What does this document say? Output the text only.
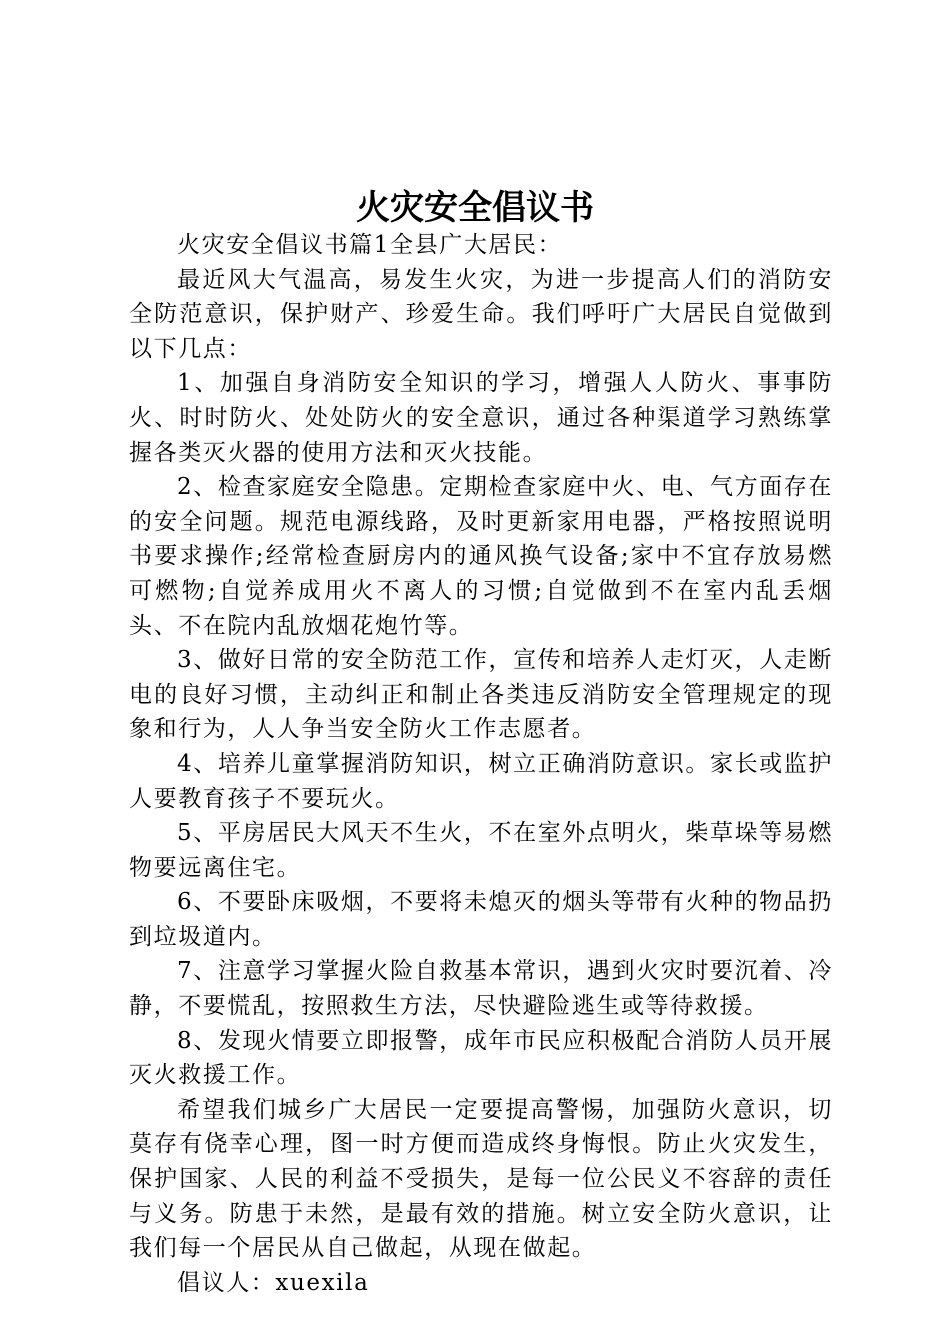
火灾安全倡议书

火灾安全倡议书篇1全县广大居民：

最近风大气温高，易发生火灾，为进一步提高人们的消防安全防范意识，保护财产、珍爱生命。我们呼吁广大居民自觉做到以下几点：

1、加强自身消防安全知识的学习，增强人人防火、事事防火、时时防火、处处防火的安全意识，通过各种渠道学习熟练掌握各类灭火器的使用方法和灭火技能。

2、检查家庭安全隐患。定期检查家庭中火、电、气方面存在的安全问题。规范电源线路，及时更新家用电器，严格按照说明书要求操作;经常检查厨房内的通风换气设备;家中不宜存放易燃可燃物;自觉养成用火不离人的习惯;自觉做到不在室内乱丢烟头、不在院内乱放烟花炮竹等。

3、做好日常的安全防范工作，宣传和培养人走灯灭，人走断电的良好习惯，主动纠正和制止各类违反消防安全管理规定的现象和行为，人人争当安全防火工作志愿者。

4、培养儿童掌握消防知识，树立正确消防意识。家长或监护人要教育孩子不要玩火。

5、平房居民大风天不生火，不在室外点明火，柴草垛等易燃物要远离住宅。

6、不要卧床吸烟，不要将未熄灭的烟头等带有火种的物品扔到垃圾道内。

7、注意学习掌握火险自救基本常识，遇到火灾时要沉着、冷静，不要慌乱，按照救生方法，尽快避险逃生或等待救援。

8、发现火情要立即报警，成年市民应积极配合消防人员开展灭火救援工作。

希望我们城乡广大居民一定要提高警惕，加强防火意识，切莫存有侥幸心理，图一时方便而造成终身悔恨。防止火灾发生，保护国家、人民的利益不受损失，是每一位公民义不容辞的责任与义务。防患于未然，是最有效的措施。树立安全防火意识，让我们每一个居民从自己做起，从现在做起。

倡议人：xuexila
